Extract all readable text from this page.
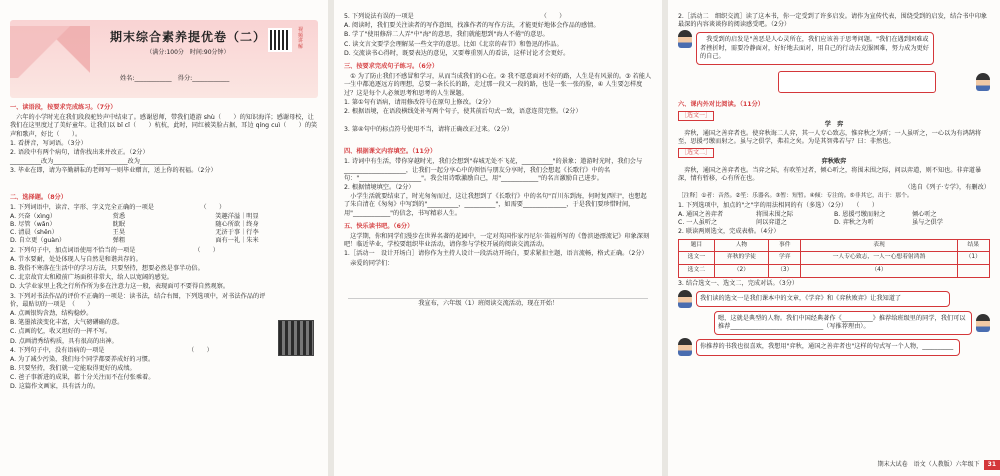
期末综合素养提优卷（二）
（满分:100分　时间:90分钟）
视频讲解
姓名:____________　得分:____________
一、读语段，按要求完成练习。（7分）

　六年的小学时光在我们段段驼铃声中结束了。感谢恩师，带我们遨游 shù（　　）的知识海洋；感谢母校，让我们在这里度过了美好童年。让我们以 bǐ cǐ（　　）杭杭，此时，同红被笑脸占据，耳边 qíng cuì（　　）的笑声和歌声，好比（　　）。

1. 看拼音，写词语。（3分）

2. 语段中有两个病句，请你找出来并改正。（2分）

__________改为__________　　__________改为__________

3. 毕业在即，请为辛勤耕耘的老师写一则毕业赠言，送上你的祝福。（2分）

二、选择题。（8分）

1. 下列词语中，读音、字形、字义完全正确的一项是　　　　　　　　（　　）

A. 兴奋（xìng）	赏悉	笑趣洋溢｜明显
B. 尽管（wǎn）	眈眠	随心所欲｜终身
C. 清晨（shēn）	王昊	无济于事｜行李
D. 自立更（guàn）	弹粗	面有一礼｜朱米

2. 下列句子中，加点词语使用不恰当的一项是　　　　　　　　　　（　　）

A. 节水要耐，处处体现人与自然是和谐共存的。

B. 我俗不寒落在生活中的学习方法，只要坚持，想要必然是事半功倍。

C. 北京故宫太和殿前广场面积非常大，给人以宽阔的感觉。

D. 大学业家里上我之行所作所为多在注意力这一般，表现面可不要得自然观察。

3. 下列对书法作品的评价不正确的一项是：读书法，结合右图，下列选项中，对书法作品的评价，最贴切的一项是　（　　）

A. 点画银钩含劲，结构稳妙。

B. 笔墨浓淡变化丰富，大气磅礴确的意。

C. 点画的忆，收又坦好的一挥不写。

D. 点画清秀结构质，具有很高的出神。

4. 下列句子中，没有语病的一项是　　　　　　　　　　　　　　（　　）

A. 为了减少污染，我们每个同学都要养成好的习惯。

B. 只要坚持，我们就一定能取得更好的成绩。

C. 爸子事新进的成果，都十分关注而不在付张乘着。

D. 这篇作文画家，具有活力的。

5. 下列说法有误的一项是　　　　　　　　　　　　　　　　　　　　　（　　）

A. 阅读时，我们要关注读者的写作意图，找准作者的写作方法，才能更好地体会作品的感情。

B. 学了"使用修辞二人弄"中"海"的意思，我们就能想到"海人不倦"的意思。

C. 读文言文要学会理解某一些文字的意思。比如《北京的春节》和鲁迅的作品。

D. 交流读书心得时，既要表达的意见，又要尊重别人的看法，这样讨论才会更好。

三、按要求完成句子练习。（6分）

　① 为了防止我们不感冒和学习，从而当成我们的心在。② 我不愿意面对不好的路，人生是有风景的。③ 若能人一生中都追逐远方的理想，总要一条长长的路，走过那一段又一段的路，也是一张一张的脸，④ 人生要怎样度过？这是每个人必须思考和思考的人生课题。

1. 第①句有语病，请用修改符号在原句上修改。（2分）

2. 根据语境，在语段横线处补写两个句子，使其前后句式一致，语意连贯完整。（2分）

3. 第④句中的标点符号使用不当，请将正确改正过来。（2分）

四、根据课文内容填空。（11分）

1. 诗词中有生活，带你穿越时光，我们会想到"春城无处不飞花，__________"的景象；遨游时光时，我们会与____________________，让我们一起分享心中的领悟与朋友分享时，我们会想起《长歌行》中的名句："____________________"。我会用诗歌激励自己，用"____________"的名言激励自己进步。

2. 根据情境填空。（2分）

　小学生活就要结束了，时光匆匆而过，这让我想到了《长歌行》中的名句"百川东到海，何时复西归"，也想起了朱自清在《匆匆》中写到的"__________，__________"，如需要______________，于是我们要珍惜时间，用"____________"的信念，书写精彩人生。

五、快乐读书吧。（6分）

　这学期，你和同学们漫步在世界名著的花园中，一定对英国作家丹尼尔·笛福所写的《鲁滨逊漂流记》印象深刻吧！临近毕业，学校要组织毕业活动，请你参与学校开展的阅读交流活动。

1.［活动一　设计开场白］请你作为主持人设计一段活动开场白，要求紧扣主题，语言流畅，格式正确。（2分）

　亲爱的同学们：

　　　　　　　　　　　　我宣布，六年级（1）班阅读交流活动，现在开始！

2.［活动二　细织交流］读了这本书，你一定受到了许多启发。请作为宣传代表，围绕受到的启发，结合书中印象最深的内容谈谈你的阅读感受吧。（2分）

　我受到的启发是"善恶是人心灵所在，我们应该善于思考问题。"我们在遇到困难或者挫折时，需要冷静面对，好好地去面对，用自己的行动去克服困难，努力成为更好的自己。
六、课内外对比阅读。（11分）
［选文一］
学　弈

　弈秋，通国之善弈者也。使弈秋诲二人弈，其一人专心致志，惟弈秋之为听；一人虽听之，一心以为有鸿鹄将至，思援弓缴而射之。虽与之俱学，弗若之矣。为是其智弗若与？曰：非然也。

［选文二］
弈秋败弈

　弈秋，通国之善弈者也。当弈之际，有吹笙过者，倾心听之，将围未围之际，问以弈道，则不知也。非弈道暴深，情有暂移，心有所在也。

（选自《列子·专学》，有删改）

［注释］①者：音然。②笙：乐器名。③暂：短暂。④倾：专注的。⑤非其它，出于：那个。

1. 下列选项中，加点的"之"字的用法相同的有（多选）（2分）　　（　　）

A. 通国之善弈者	将围未围之际	B. 恩援弓缴而射之	倾心听之
C. 一人虽听之	问以弈道之	D. 弈秋之为听	虽与之俱学

2. 联读两则选文，完成表格。（4分）

题目	人物	事件	表现	结果
选文一	弈秋的学徒	学弈	一人专心致志，一人一心想着射鸿鹄	（1）
选文二	（2）	（3）	（4）	

3. 结合选文一、选文二，完成对话。（3分）

我们读的选文一是我们课本中的文章，《学弈》和《弈秋败弈》让我知道了
嗯，这就是典型的人物。我们中国经典著作《__________》推荐给班级里的同学，我们可以推荐______________________________（写推荐理由）。
你推荐的书我也很喜欢，我想用"弈秋，通国之善弈者也"这样的句式写一个人物，__________
期末大试卷　语文（人教版）六年级下	31
